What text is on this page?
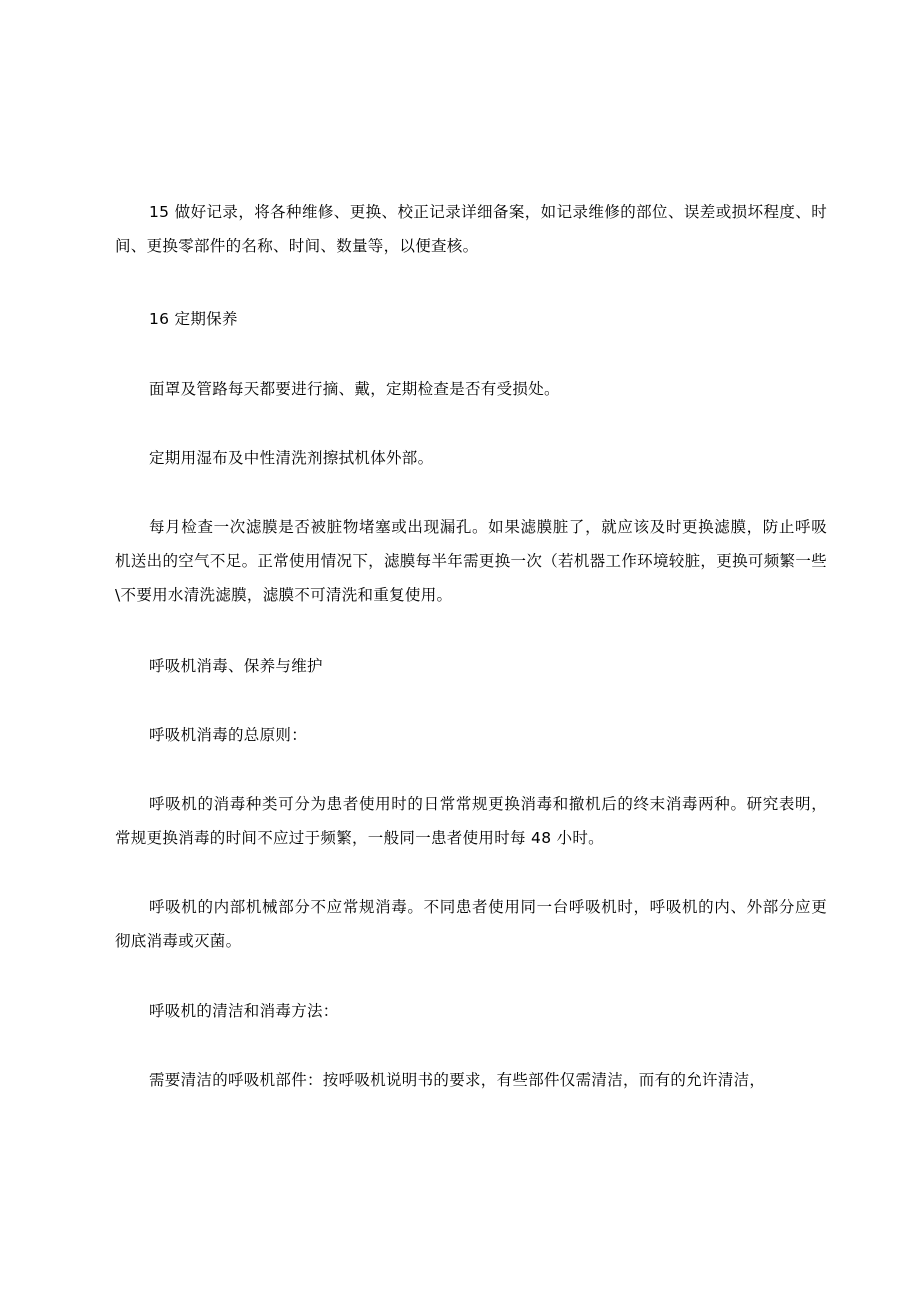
15 做好记录，将各种维修、更换、校正记录详细备案，如记录维修的部位、误差或损坏程度、时间、更换零部件的名称、时间、数量等，以便查核。

16 定期保养

面罩及管路每天都要进行摘、戴，定期检查是否有受损处。

定期用湿布及中性清洗剂擦拭机体外部。

每月检查一次滤膜是否被脏物堵塞或出现漏孔。如果滤膜脏了，就应该及时更换滤膜，防止呼吸机送出的空气不足。正常使用情况下，滤膜每半年需更换一次（若机器工作环境较脏，更换可频繁一些\不要用水清洗滤膜，滤膜不可清洗和重复使用。

呼吸机消毒、保养与维护

呼吸机消毒的总原则：

呼吸机的消毒种类可分为患者使用时的日常常规更换消毒和撤机后的终末消毒两种。研究表明，常规更换消毒的时间不应过于频繁，一般同一患者使用时每 48 小时。

呼吸机的内部机械部分不应常规消毒。不同患者使用同一台呼吸机时，呼吸机的内、外部分应更彻底消毒或灭菌。

呼吸机的清洁和消毒方法：

需要清洁的呼吸机部件：按呼吸机说明书的要求，有些部件仅需清洁，而有的允许清洁，
